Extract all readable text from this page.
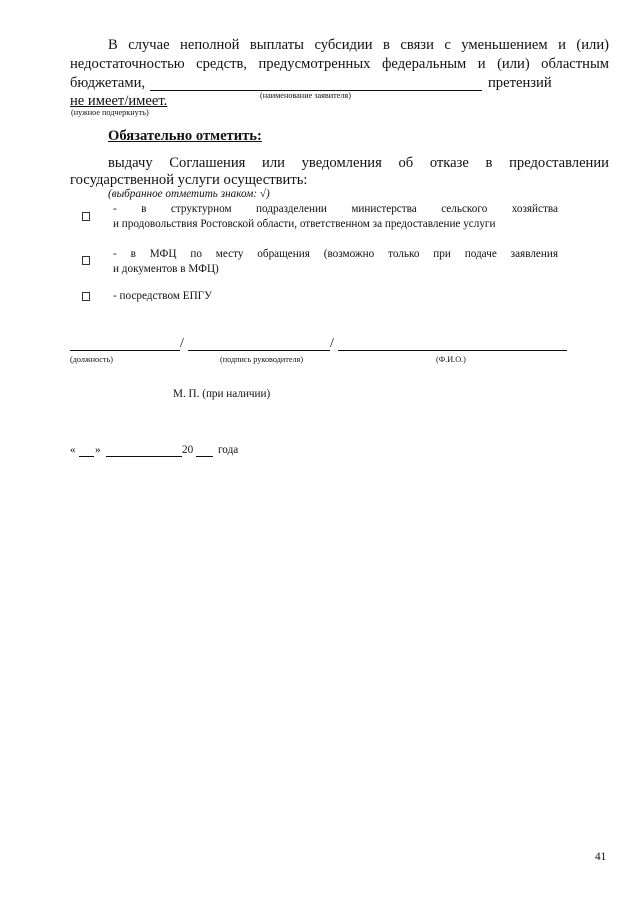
В случае неполной выплаты субсидии в связи с уменьшением и (или)
недостаточностью средств, предусмотренных федеральным и (или) областным
бюджетами,	претензий
(наименование заявителя)
не имеет/имеет.
(нужное подчеркнуть)
Обязательно отметить:
выдачу Соглашения или уведомления об отказе в предоставлении
государственной услуги осуществить:
(выбранное отметить знаком: √)
- в структурном подразделении министерства сельского хозяйства
и продовольствия Ростовской области, ответственном за предоставление услуги
- в МФЦ по месту обращения (возможно только при подаче заявления
и документов в МФЦ)
- посредством ЕПГУ
/	/
(должность)	(подпись руководителя)	(Ф.И.О.)
М. П. (при наличии)
« »	20 года
41
